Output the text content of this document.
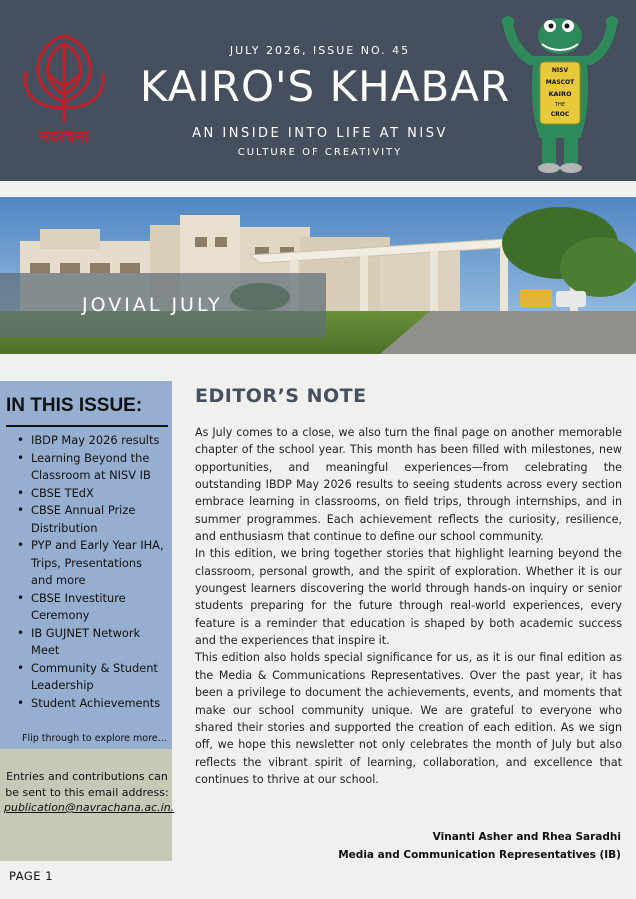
नवरचना
JULY 2026, ISSUE NO. 45
KAIRO'S KHABAR
AN INSIDE INTO LIFE AT NISV
CULTURE OF CREATIVITY
NISV
MASCOT
KAIRO
THE
CROC
JOVIAL JULY
IN THIS ISSUE:
• IBDP May 2026 results
• Learning Beyond the Classroom at NISV IB
• CBSE TEdX
• CBSE Annual Prize Distribution
• PYP and Early Year IHA, Trips, Presentations and more
• CBSE Investiture Ceremony
• IB GUJNET Network Meet
• Community & Student Leadership
• Student Achievements
Flip through to explore more...
Entries and contributions can be sent to this email address:
publication@navrachana.ac.in.
EDITOR’S NOTE

As July comes to a close, we also turn the final page on another memorable chapter of the school year. This month has been filled with milestones, new opportunities, and meaningful experiences—from celebrating the outstanding IBDP May 2026 results to seeing students across every section embrace learning in classrooms, on field trips, through internships, and in summer programmes. Each achievement reflects the curiosity, resilience, and enthusiasm that continue to define our school community.

In this edition, we bring together stories that highlight learning beyond the classroom, personal growth, and the spirit of exploration. Whether it is our youngest learners discovering the world through hands-on inquiry or senior students preparing for the future through real-world experiences, every feature is a reminder that education is shaped by both academic success and the experiences that inspire it.

This edition also holds special significance for us, as it is our final edition as the Media & Communications Representatives. Over the past year, it has been a privilege to document the achievements, events, and moments that make our school community unique. We are grateful to everyone who shared their stories and supported the creation of each edition. As we sign off, we hope this newsletter not only celebrates the month of July but also reflects the vibrant spirit of learning, collaboration, and excellence that continues to thrive at our school.

Vinanti Asher and Rhea Saradhi
Media and Communication Representatives (IB)
PAGE 1
